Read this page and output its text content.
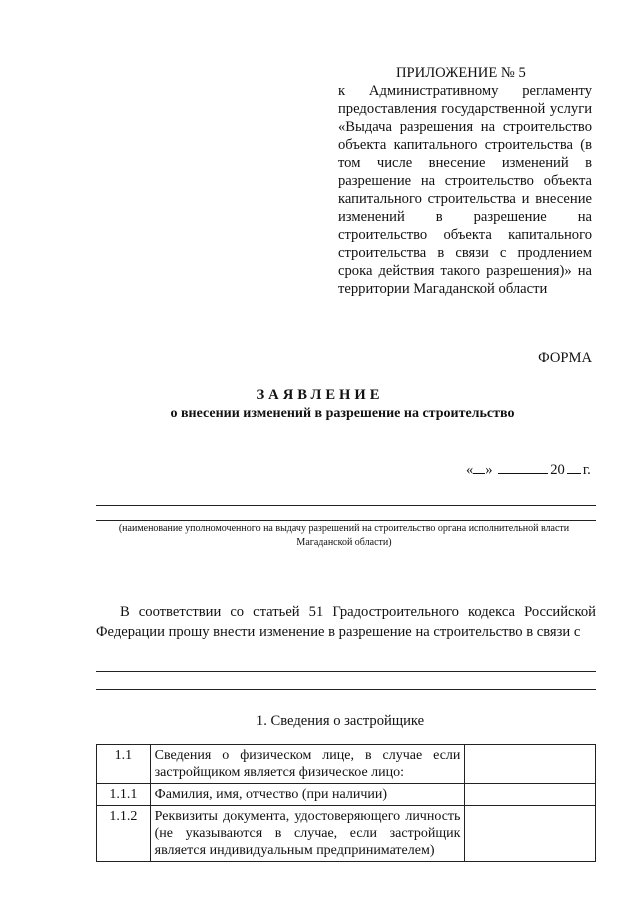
ПРИЛОЖЕНИЕ № 5
к Административному регламенту предоставления государственной услуги «Выдача разрешения на строительство объекта капитального строительства (в том числе внесение изменений в разрешение на строительство объекта капитального строительства и внесение изменений в разрешение на строительство объекта капитального строительства в связи с продлением срока действия такого разрешения)» на территории Магаданской области
ФОРМА
ЗАЯВЛЕНИЕ
о внесении изменений в разрешение на строительство
« »	20 г.
(наименование уполномоченного на выдачу разрешений на строительство органа исполнительной власти Магаданской области)
В соответствии со статьей 51 Градостроительного кодекса Российской Федерации прошу внести изменение в разрешение на строительство в связи с
1. Сведения о застройщике
1.1	Сведения о физическом лице, в случае если застройщиком является физическое лицо:	
1.1.1	Фамилия, имя, отчество (при наличии)	
1.1.2	Реквизиты документа, удостоверяющего личность (не указываются в случае, если застройщик является индивидуальным предпринимателем)	
